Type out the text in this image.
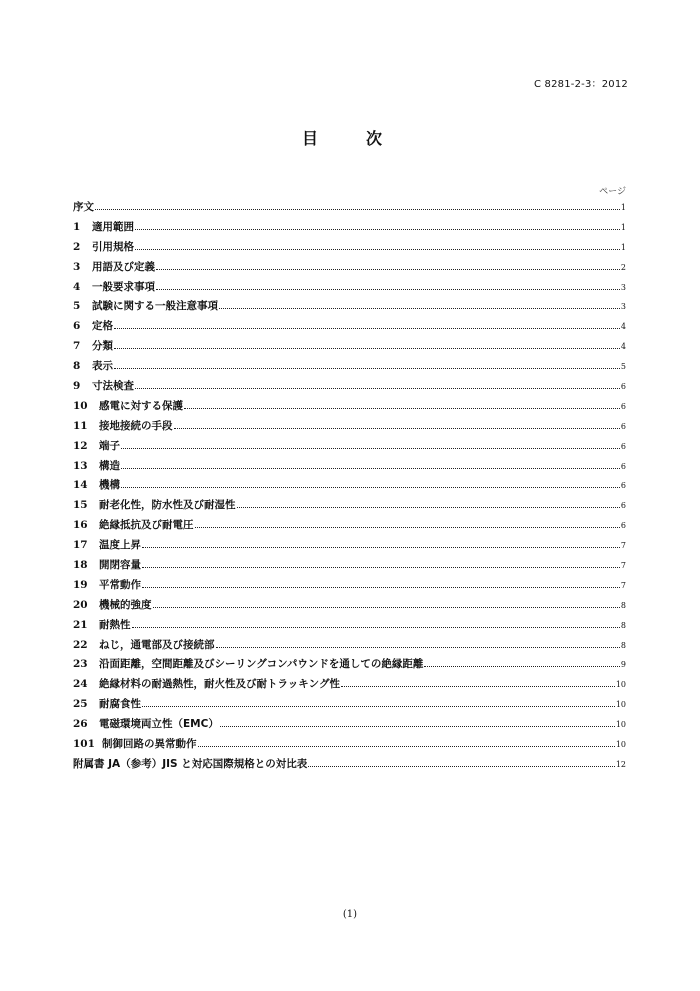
C 8281-2-3：2012
目　次
ページ
序文	1
1	適用範囲	1
2	引用規格	1
3	用語及び定義	2
4	一般要求事項	3
5	試験に関する一般注意事項	3
6	定格	4
7	分類	4
8	表示	5
9	寸法検査	6
10	感電に対する保護	6
11	接地接続の手段	6
12	端子	6
13	構造	6
14	機構	6
15	耐老化性，防水性及び耐湿性	6
16	絶縁抵抗及び耐電圧	6
17	温度上昇	7
18	開閉容量	7
19	平常動作	7
20	機械的強度	8
21	耐熱性	8
22	ねじ，通電部及び接続部	8
23	沿面距離，空間距離及びシーリングコンパウンドを通しての絶縁距離	9
24	絶縁材料の耐過熱性，耐火性及び耐トラッキング性	10
25	耐腐食性	10
26	電磁環境両立性（EMC）	10
101 制御回路の異常動作	10
附属書 JA（参考）JIS と対応国際規格との対比表	12
(1)
